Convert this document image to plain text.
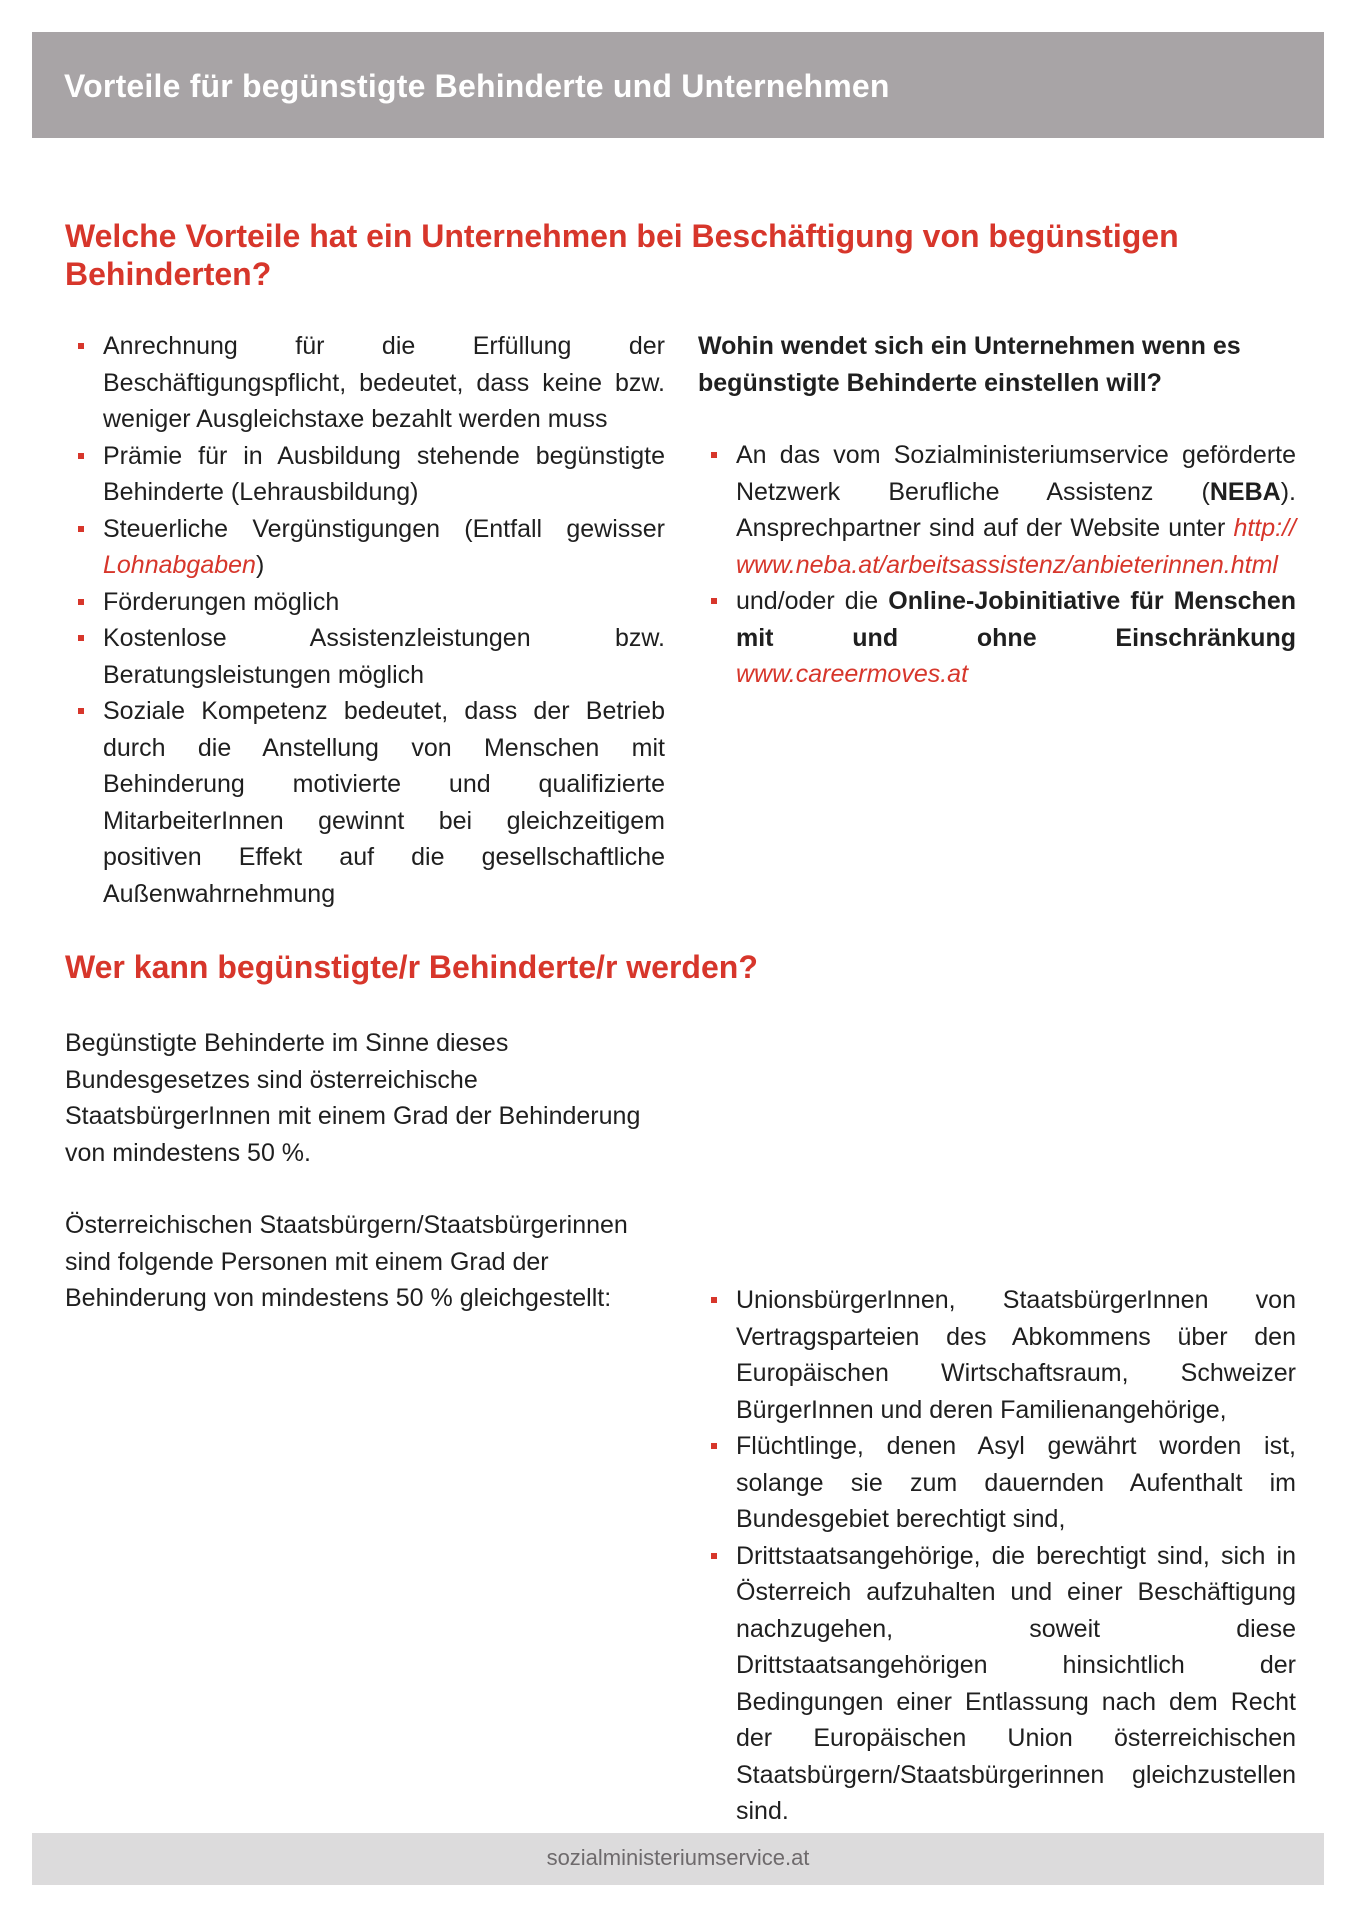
Vorteile für begünstigte Behinderte und Unternehmen
Welche Vorteile hat ein Unternehmen bei Beschäftigung von begünstigen Behinderten?
Anrechnung für die Erfüllung der Beschäftigungspflicht, bedeutet, dass keine bzw. weniger Ausgleichstaxe bezahlt werden muss
Prämie für in Ausbildung stehende begünstigte Behinderte (Lehrausbildung)
Steuerliche Vergünstigungen (Entfall gewisser Lohnabgaben)
Förderungen möglich
Kostenlose Assistenzleistungen bzw. Beratungsleistungen möglich
Soziale Kompetenz bedeutet, dass der Betrieb durch die Anstellung von Menschen mit Behinderung motivierte und qualifizierte MitarbeiterInnen gewinnt bei gleichzeitigem positiven Effekt auf die gesellschaftliche Außenwahrnehmung

Wohin wendet sich ein Unternehmen wenn es begünstigte Behinderte einstellen will?

An das vom Sozialministeriumservice geförderte Netzwerk Berufliche Assistenz (NEBA). Ansprechpartner sind auf der Website unter http://www.neba.at/arbeitsassistenz/anbieterinnen.html
und/oder die Online-Jobinitiative für Menschen mit und ohne Einschränkung www.careermoves.at
Wer kann begünstigte/r Behinderte/r werden?

Begünstigte Behinderte im Sinne dieses Bundesgesetzes sind österreichische StaatsbürgerInnen mit einem Grad der Behinderung von mindestens 50 %.

Österreichischen Staatsbürgern/Staatsbürgerinnen sind folgende Personen mit einem Grad der Behinderung von mindestens 50 % gleichgestellt:	UnionsbürgerInnen, StaatsbürgerInnen von Vertragsparteien des Abkommens über den Europäischen Wirtschaftsraum, Schweizer BürgerInnen und deren Familienangehörige,
Flüchtlinge, denen Asyl gewährt worden ist, solange sie zum dauernden Aufenthalt im Bundesgebiet berechtigt sind,
Drittstaatsangehörige, die berechtigt sind, sich in Österreich aufzuhalten und einer Beschäftigung nachzugehen, soweit diese Drittstaatsangehörigen hinsichtlich der Bedingungen einer Entlassung nach dem Recht der Europäischen Union österreichischen Staatsbürgern/Staatsbürgerinnen gleichzustellen sind.
sozialministeriumservice.at
